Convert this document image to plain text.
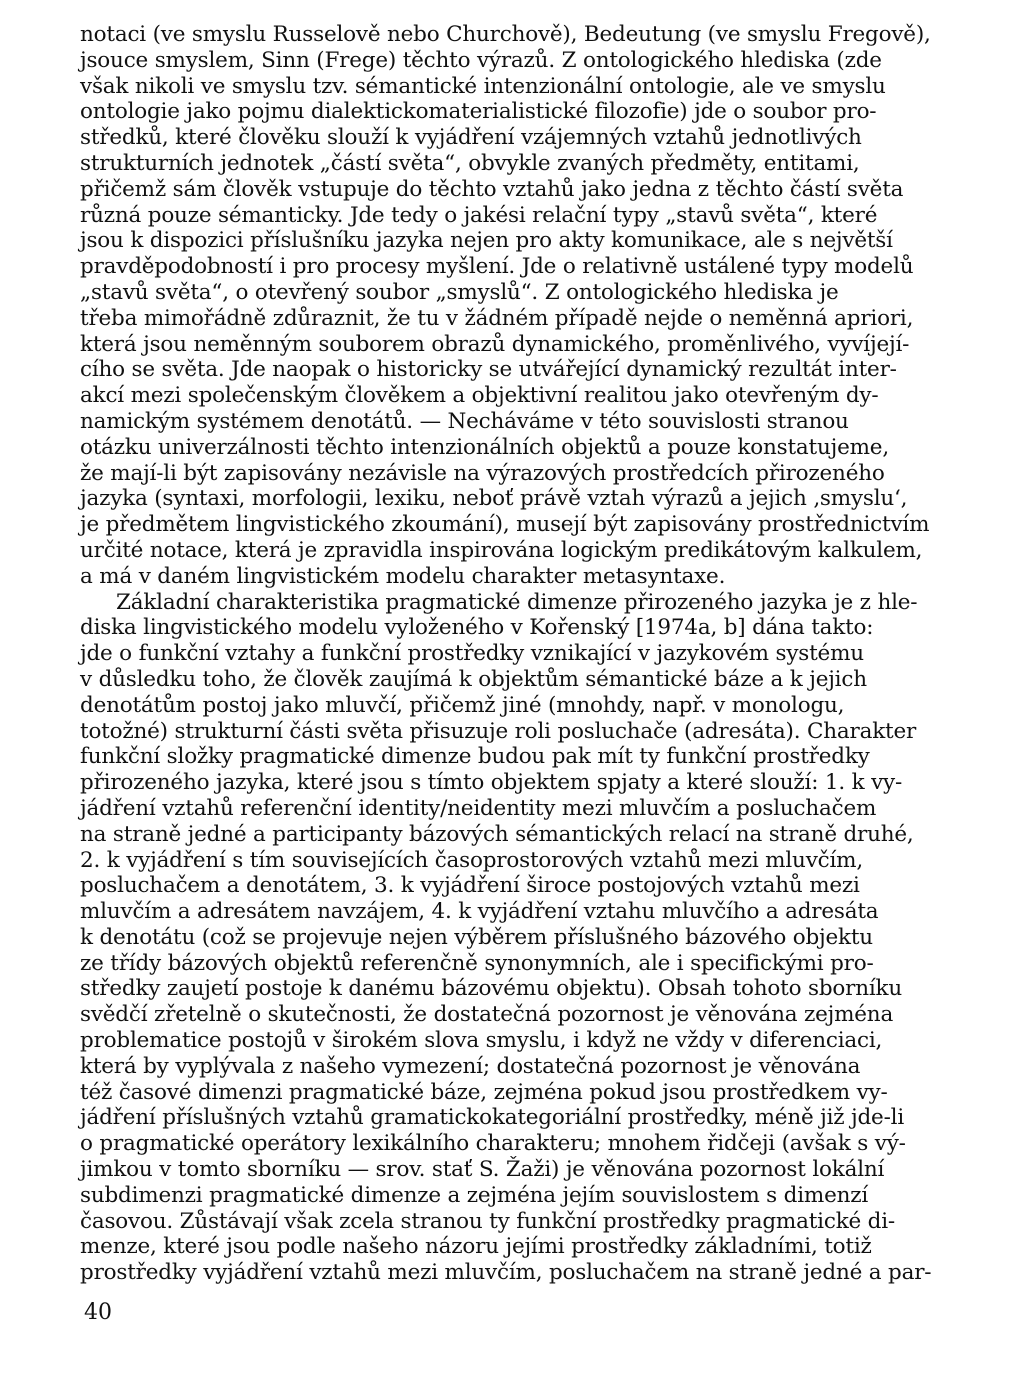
notaci (ve smyslu Russelově nebo Churchově), Bedeutung (ve smyslu Fregově),
jsouce smyslem, Sinn (Frege) těchto výrazů. Z ontologického hlediska (zde
však nikoli ve smyslu tzv. sémantické intenzionální ontologie, ale ve smyslu
ontologie jako pojmu dialektickomaterialistické filozofie) jde o soubor pro-
středků, které člověku slouží k vyjádření vzájemných vztahů jednotlivých
strukturních jednotek „částí světa“, obvykle zvaných předměty, entitami,
přičemž sám člověk vstupuje do těchto vztahů jako jedna z těchto částí světa
různá pouze sémanticky. Jde tedy o jakési relační typy „stavů světa“, které
jsou k dispozici příslušníku jazyka nejen pro akty komunikace, ale s největší
pravděpodobností i pro procesy myšlení. Jde o relativně ustálené typy modelů
„stavů světa“, o otevřený soubor „smyslů“. Z ontologického hlediska je
třeba mimořádně zdůraznit, že tu v žádném případě nejde o neměnná apriori,
která jsou neměnným souborem obrazů dynamického, proměnlivého, vyvíjejí-
cího se světa. Jde naopak o historicky se utvářející dynamický rezultát inter-
akcí mezi společenským člověkem a objektivní realitou jako otevřeným dy-
namickým systémem denotátů. — Necháváme v této souvislosti stranou
otázku univerzálnosti těchto intenzionálních objektů a pouze konstatujeme,
že mají-li být zapisovány nezávisle na výrazových prostředcích přirozeného
jazyka (syntaxi, morfologii, lexiku, neboť právě vztah výrazů a jejich ‚smyslu‘,
je předmětem lingvistického zkoumání), musejí být zapisovány prostřednictvím
určité notace, která je zpravidla inspirována logickým predikátovým kalkulem,
a má v daném lingvistickém modelu charakter metasyntaxe.
Základní charakteristika pragmatické dimenze přirozeného jazyka je z hle-
diska lingvistického modelu vyloženého v Kořenský [1974a, b] dána takto:
jde o funkční vztahy a funkční prostředky vznikající v jazykovém systému
v důsledku toho, že člověk zaujímá k objektům sémantické báze a k jejich
denotátům postoj jako mluvčí, přičemž jiné (mnohdy, např. v monologu,
totožné) strukturní části světa přisuzuje roli posluchače (adresáta). Charakter
funkční složky pragmatické dimenze budou pak mít ty funkční prostředky
přirozeného jazyka, které jsou s tímto objektem spjaty a které slouží: 1. k vy-
jádření vztahů referenční identity/neidentity mezi mluvčím a posluchačem
na straně jedné a participanty bázových sémantických relací na straně druhé,
2. k vyjádření s tím souvisejících časoprostorových vztahů mezi mluvčím,
posluchačem a denotátem, 3. k vyjádření široce postojových vztahů mezi
mluvčím a adresátem navzájem, 4. k vyjádření vztahu mluvčího a adresáta
k denotátu (což se projevuje nejen výběrem příslušného bázového objektu
ze třídy bázových objektů referenčně synonymních, ale i specifickými pro-
středky zaujetí postoje k danému bázovému objektu). Obsah tohoto sborníku
svědčí zřetelně o skutečnosti, že dostatečná pozornost je věnována zejména
problematice postojů v širokém slova smyslu, i když ne vždy v diferenciaci,
která by vyplývala z našeho vymezení; dostatečná pozornost je věnována
též časové dimenzi pragmatické báze, zejména pokud jsou prostředkem vy-
jádření příslušných vztahů gramatickokategoriální prostředky, méně již jde-li
o pragmatické operátory lexikálního charakteru; mnohem řidčeji (avšak s vý-
jimkou v tomto sborníku — srov. stať S. Žaži) je věnována pozornost lokální
subdimenzi pragmatické dimenze a zejména jejím souvislostem s dimenzí
časovou. Zůstávají však zcela stranou ty funkční prostředky pragmatické di-
menze, které jsou podle našeho názoru jejími prostředky základními, totiž
prostředky vyjádření vztahů mezi mluvčím, posluchačem na straně jedné a par-
40
